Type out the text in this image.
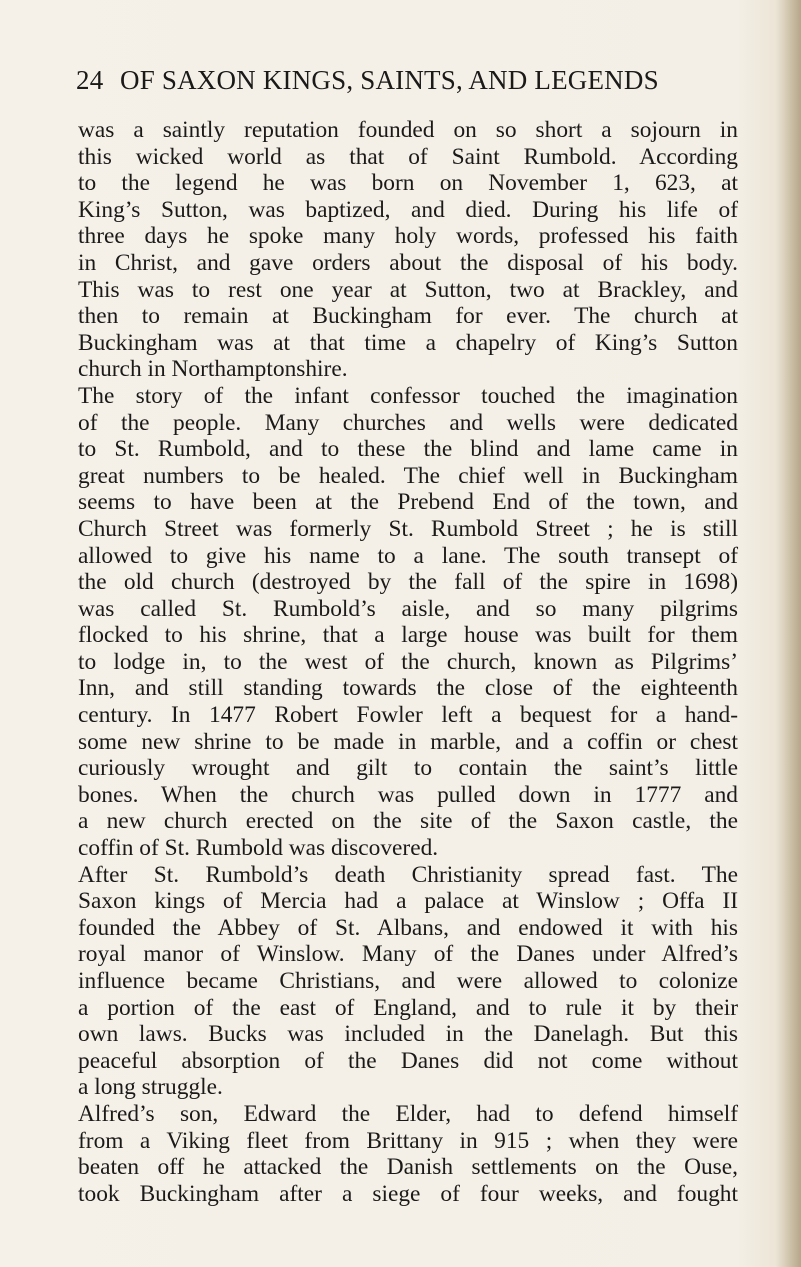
24 OF SAXON KINGS, SAINTS, AND LEGENDS

was a saintly reputation founded on so short a sojourn in
this wicked world as that of Saint Rumbold. According
to the legend he was born on November 1, 623, at
King’s Sutton, was baptized, and died. During his life of
three days he spoke many holy words, professed his faith
in Christ, and gave orders about the disposal of his body.
This was to rest one year at Sutton, two at Brackley, and
then to remain at Buckingham for ever. The church at
Buckingham was at that time a chapelry of King’s Sutton
church in Northamptonshire.

The story of the infant confessor touched the imagination
of the people. Many churches and wells were dedicated
to St. Rumbold, and to these the blind and lame came in
great numbers to be healed. The chief well in Buckingham
seems to have been at the Prebend End of the town, and
Church Street was formerly St. Rumbold Street ; he is still
allowed to give his name to a lane. The south transept of
the old church (destroyed by the fall of the spire in 1698)
was called St. Rumbold’s aisle, and so many pilgrims
flocked to his shrine, that a large house was built for them
to lodge in, to the west of the church, known as Pilgrims’
Inn, and still standing towards the close of the eighteenth
century. In 1477 Robert Fowler left a bequest for a hand-
some new shrine to be made in marble, and a coffin or chest
curiously wrought and gilt to contain the saint’s little
bones. When the church was pulled down in 1777 and
a new church erected on the site of the Saxon castle, the
coffin of St. Rumbold was discovered.

After St. Rumbold’s death Christianity spread fast. The
Saxon kings of Mercia had a palace at Winslow ; Offa II
founded the Abbey of St. Albans, and endowed it with his
royal manor of Winslow. Many of the Danes under Alfred’s
influence became Christians, and were allowed to colonize
a portion of the east of England, and to rule it by their
own laws. Bucks was included in the Danelagh. But this
peaceful absorption of the Danes did not come without
a long struggle.

Alfred’s son, Edward the Elder, had to defend himself
from a Viking fleet from Brittany in 915 ; when they were
beaten off he attacked the Danish settlements on the Ouse,
took Buckingham after a siege of four weeks, and fought
